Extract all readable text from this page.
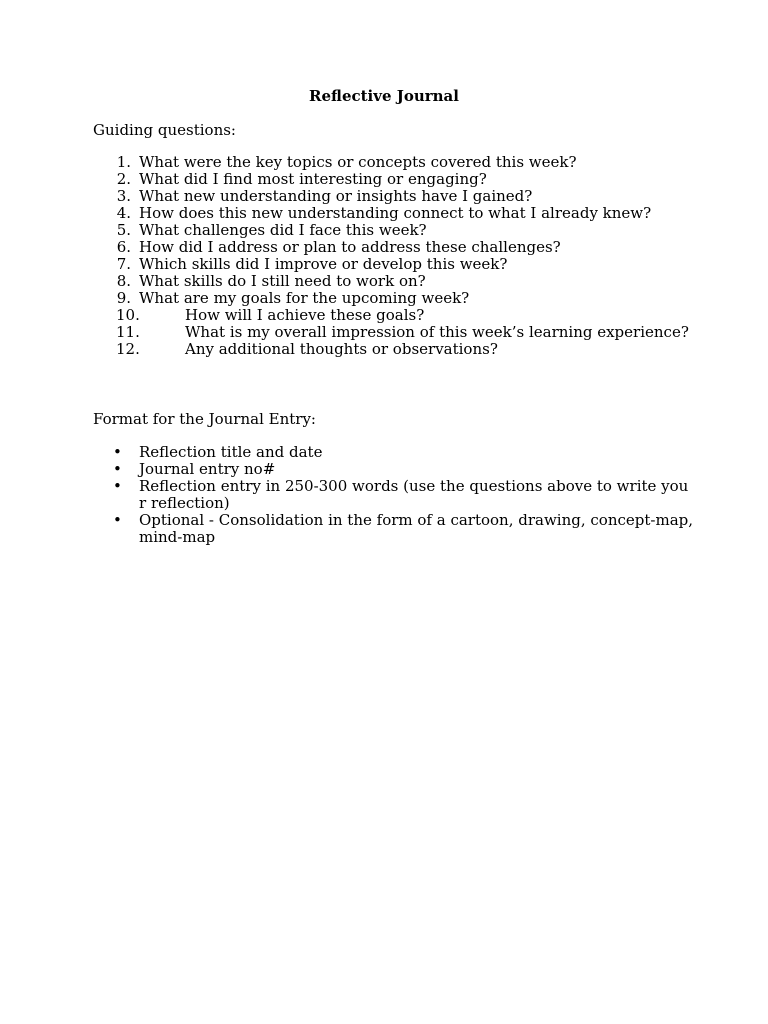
Reflective Journal
Guiding questions:
1. What were the key topics or concepts covered this week?
2. What did I find most interesting or engaging?
3. What new understanding or insights have I gained?
4. How does this new understanding connect to what I already knew?
5. What challenges did I face this week?
6. How did I address or plan to address these challenges?
7. Which skills did I improve or develop this week?
8. What skills do I still need to work on?
9. What are my goals for the upcoming week?
10.	How will I achieve these goals?
11.	What is my overall impression of this week’s learning experience?
12.	Any additional thoughts or observations?
Format for the Journal Entry:
•	Reflection title and date
•	Journal entry no#
•	Reflection entry in 250-300 words (use the questions above to write you r reflection)
•	Optional - Consolidation in the form of a cartoon, drawing, concept-map, mind-map
